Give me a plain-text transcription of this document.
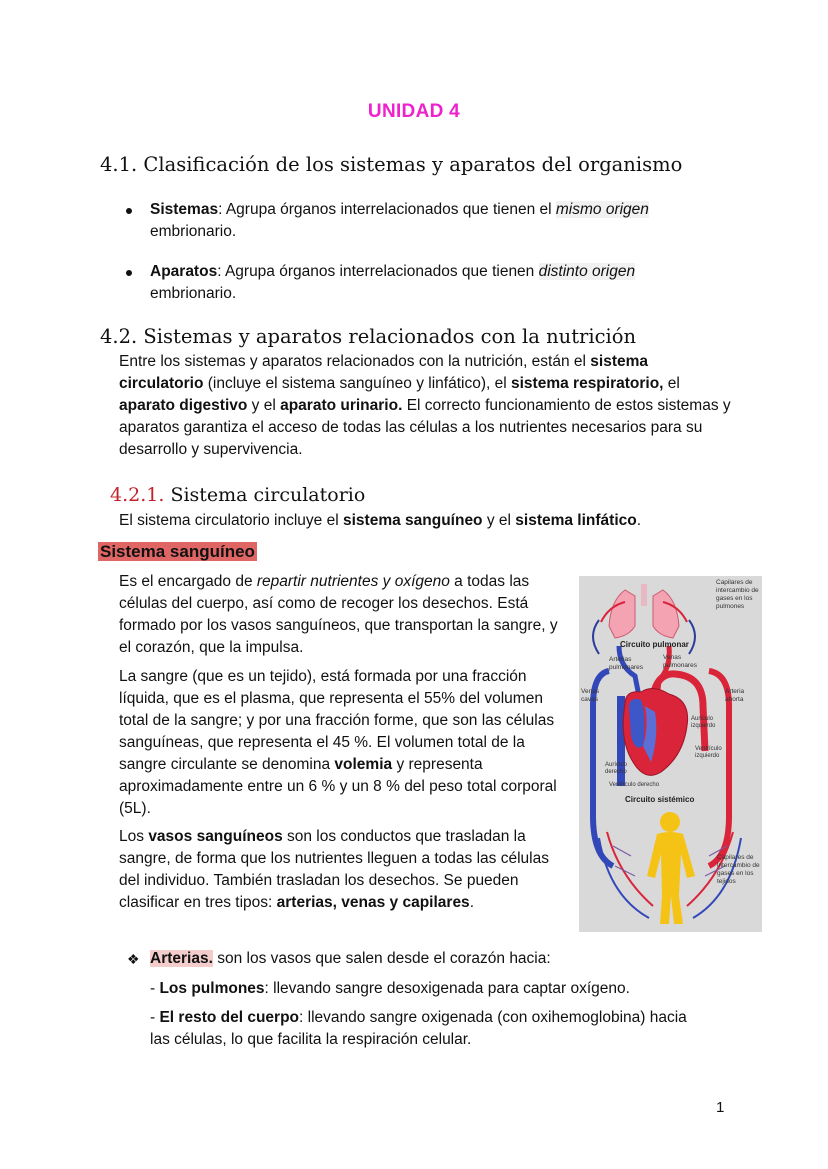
UNIDAD 4
4.1. Clasificación de los sistemas y aparatos del organismo
Sistemas: Agrupa órganos interrelacionados que tienen el mismo origen
embrionario.
Aparatos: Agrupa órganos interrelacionados que tienen distinto origen
embrionario.
4.2. Sistemas y aparatos relacionados con la nutrición
Entre los sistemas y aparatos relacionados con la nutrición, están el sistema circulatorio (incluye el sistema sanguíneo y linfático), el sistema respiratorio, el aparato digestivo y el aparato urinario. El correcto funcionamiento de estos sistemas y aparatos garantiza el acceso de todas las células a los nutrientes necesarios para su desarrollo y supervivencia.
4.2.1. Sistema circulatorio
El sistema circulatorio incluye el sistema sanguíneo y el sistema linfático.
Sistema sanguíneo
Es el encargado de repartir nutrientes y oxígeno a todas las células del cuerpo, así como de recoger los desechos. Está formado por los vasos sanguíneos, que transportan la sangre, y el corazón, que la impulsa.
La sangre (que es un tejido), está formada por una fracción líquida, que es el plasma, que representa el 55% del volumen total de la sangre; y por una fracción forme, que son las células sanguíneas, que representa el 45 %. El volumen total de la sangre circulante se denomina volemia y representa aproximadamente entre un 6 % y un 8 % del peso total corporal (5L).
Los vasos sanguíneos son los conductos que trasladan la sangre, de forma que los nutrientes lleguen a todas las células del individuo. También trasladan los desechos. Se pueden clasificar en tres tipos: arterias, venas y capilares.
Capilares de intercambio de gases en los pulmones
Circuito pulmonar
Arterias pulmonares
Venas pulmonares
Venas cavas
Arteria ahorta
Aurículo izquierdo
Ventrículo izquierdo
Aurículo derecho
Ventrículo derecho
Circuito sistémico
Capilares de intercambio de gases en los tejidos
❖ Arterias. son los vasos que salen desde el corazón hacia:
- Los pulmones: llevando sangre desoxigenada para captar oxígeno.
- El resto del cuerpo: llevando sangre oxigenada (con oxihemoglobina) hacia las células, lo que facilita la respiración celular.
1
